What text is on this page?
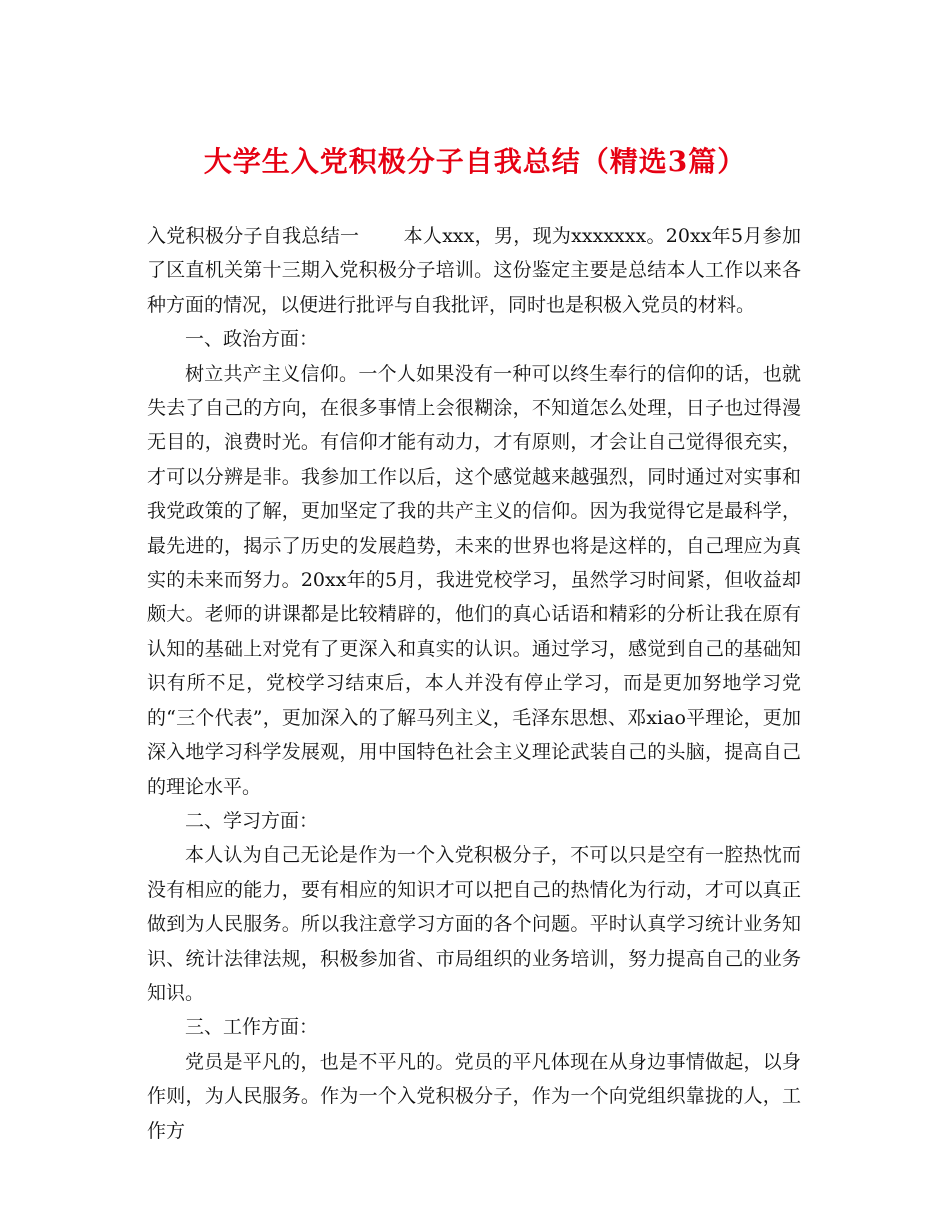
大学生入党积极分子自我总结（精选3篇）

入党积极分子自我总结一 本人xxx，男，现为xxxxxxx。20xx年5月参加了区直机关第十三期入党积极分子培训。这份鉴定主要是总结本人工作以来各种方面的情况，以便进行批评与自我批评，同时也是积极入党员的材料。

一、政治方面：

树立共产主义信仰。一个人如果没有一种可以终生奉行的信仰的话，也就失去了自己的方向，在很多事情上会很糊涂，不知道怎么处理，日子也过得漫无目的，浪费时光。有信仰才能有动力，才有原则，才会让自己觉得很充实，才可以分辨是非。我参加工作以后，这个感觉越来越强烈，同时通过对实事和我党政策的了解，更加坚定了我的共产主义的信仰。因为我觉得它是最科学，最先进的，揭示了历史的发展趋势，未来的世界也将是这样的，自己理应为真实的未来而努力。20xx年的5月，我进党校学习，虽然学习时间紧，但收益却颇大。老师的讲课都是比较精辟的，他们的真心话语和精彩的分析让我在原有认知的基础上对党有了更深入和真实的认识。通过学习，感觉到自己的基础知识有所不足，党校学习结束后，本人并没有停止学习，而是更加努地学习党的“三个代表”，更加深入的了解马列主义，毛泽东思想、邓xiao平理论，更加深入地学习科学发展观，用中国特色社会主义理论武装自己的头脑，提高自己的理论水平。

二、学习方面：

本人认为自己无论是作为一个入党积极分子，不可以只是空有一腔热忱而没有相应的能力，要有相应的知识才可以把自己的热情化为行动，才可以真正做到为人民服务。所以我注意学习方面的各个问题。平时认真学习统计业务知识、统计法律法规，积极参加省、市局组织的业务培训，努力提高自己的业务知识。

三、工作方面：

党员是平凡的，也是不平凡的。党员的平凡体现在从身边事情做起，以身作则，为人民服务。作为一个入党积极分子，作为一个向党组织靠拢的人，工作方
